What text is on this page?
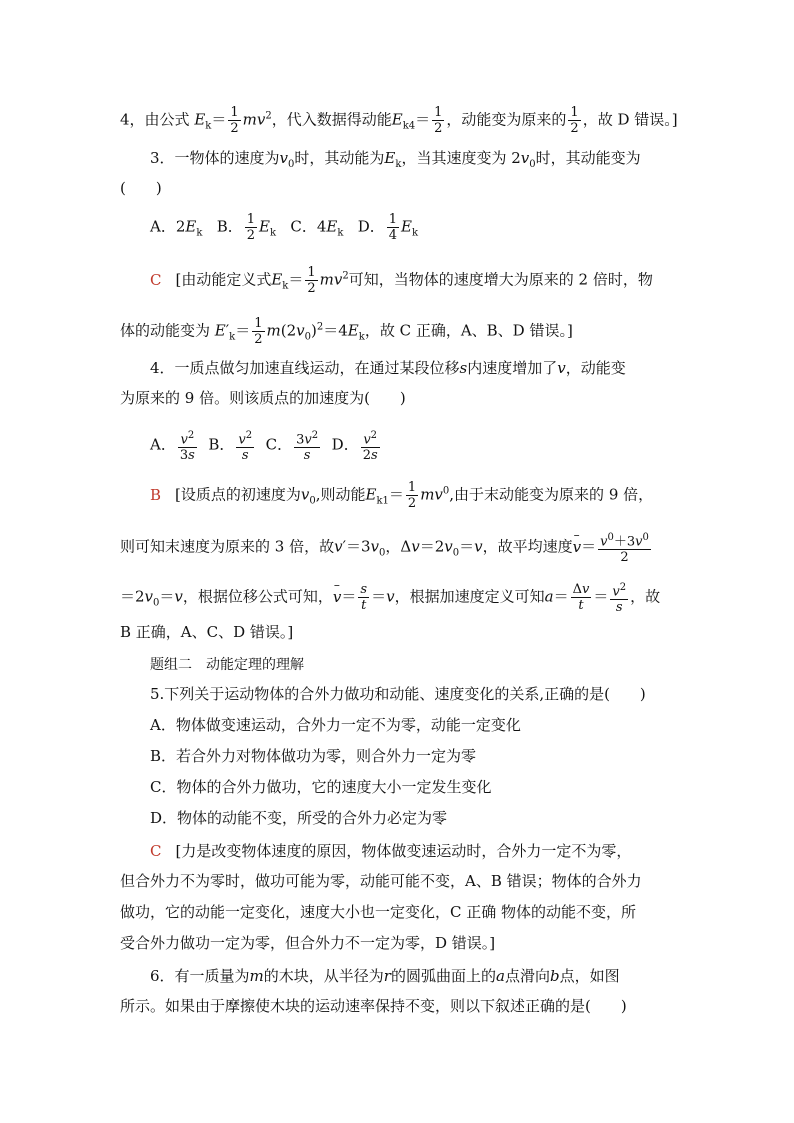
4，由公式 $E_k= \frac{1}{2} mv^2$，代入数据得动能$E_{k4}= \frac{1}{2}$ ，动能变为原来的 $\frac{1}{2}$ ，故 D 错误。]
3．一物体的速度为$v_0$时，其动能为$E_k$，当其速度变为 $2v_0$时，其动能变为
(　　)
A．$2E_k$ B． $\frac{1}{2} E_k$ C．$4E_k$ D． $\frac{1}{4} E_k$
C [由动能定义式$E_k= \frac{1}{2} mv^2$可知，当物体的速度增大为原来的 2 倍时，物
体的动能变为 $E'_k= \frac{1}{2} m(2v_0)^2=4E_k$，故 C 正确，A、B、D 错误。]
4．一质点做匀加速直线运动，在通过某段位移s内速度增加了v，动能变
为原来的 9 倍。则该质点的加速度为(　　)
A． $\frac{v^2}{3s}$ B． $\frac{v^2}{s}$ C． $\frac{3v^2}{s}$ D． $\frac{v^2}{2s}$
B [设质点的初速度为$v_0$,则动能$E_{k1}= \frac{1}{2} mv^0$,由于末动能变为原来的 9 倍，
则可知末速度为原来的 3 倍，故$v'=3v_0$，$\Delta v=2v_0=v$，故平均速度– $v= \frac{v^0+3v^0}{2}$
$=2v_0=v$，根据位移公式可知，– $v= \frac{s}{t} =v$，根据加速度定义可知$a= \frac{\Delta v}{t} = \frac{v^2}{s}$ ，故
B 正确，A、C、D 错误。]
题组二　动能定理的理解
5.下列关于运动物体的合外力做功和动能、速度变化的关系,正确的是(　　)
A．物体做变速运动，合外力一定不为零，动能一定变化
B．若合外力对物体做功为零，则合外力一定为零
C．物体的合外力做功，它的速度大小一定发生变化
D．物体的动能不变，所受的合外力必定为零
C [力是改变物体速度的原因，物体做变速运动时，合外力一定不为零，
但合外力不为零时，做功可能为零，动能可能不变，A、B 错误；物体的合外力
做功，它的动能一定变化，速度大小也一定变化，C 正确 物体的动能不变，所
受合外力做功一定为零，但合外力不一定为零，D 错误。]
6．有一质量为m的木块，从半径为r的圆弧曲面上的a点滑向b点，如图
所示。如果由于摩擦使木块的运动速率保持不变，则以下叙述正确的是(　　)
